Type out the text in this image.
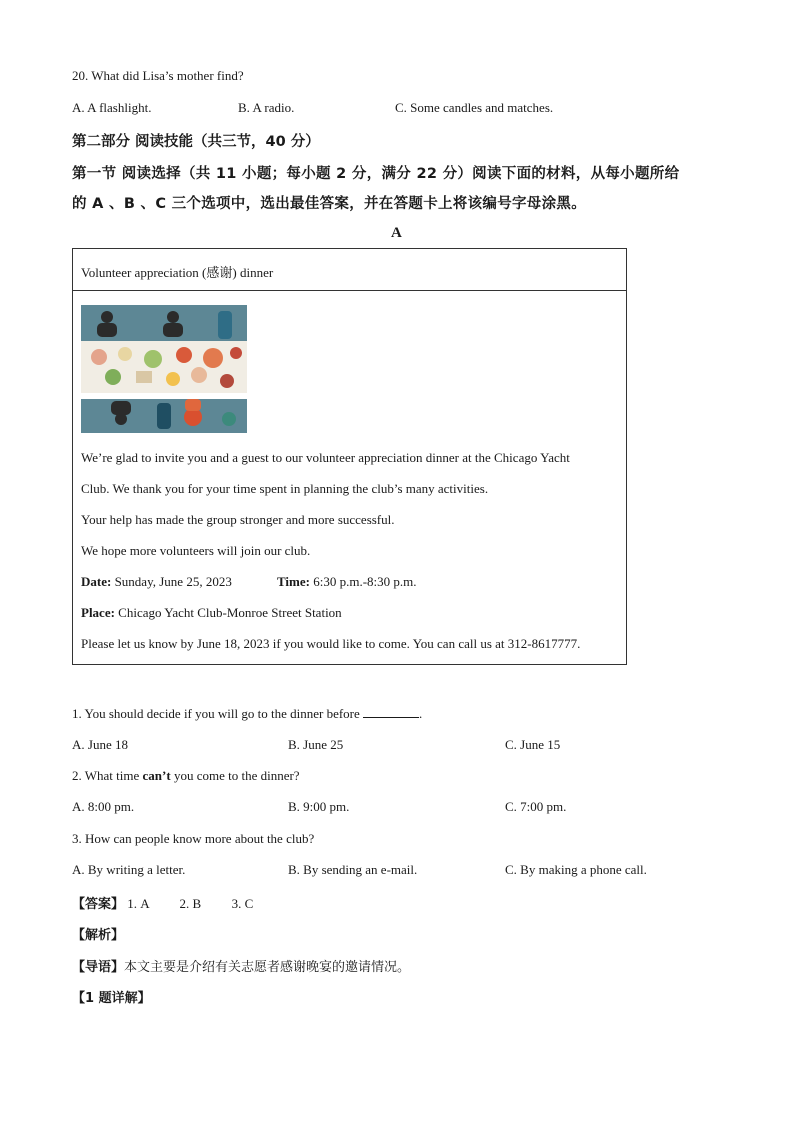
20. What did Lisa’s mother find?
A. A flashlight.	B. A radio.	C. Some candles and matches.
第二部分 阅读技能（共三节，40 分）
第一节 阅读选择（共 11 小题；每小题 2 分，满分 22 分）阅读下面的材料，从每小题所给
的 A 、B 、C 三个选项中，选出最佳答案，并在答题卡上将该编号字母涂黑。
A
Volunteer appreciation (感谢) dinner
We’re glad to invite you and a guest to our volunteer appreciation dinner at the Chicago Yacht
Club. We thank you for your time spent in planning the club’s many activities.
Your help has made the group stronger and more successful.
We hope more volunteers will join our club.
Date: Sunday, June 25, 2023	Time: 6:30 p.m.-8:30 p.m.
Place: Chicago Yacht Club-Monroe Street Station
Please let us know by June 18, 2023 if you would like to come. You can call us at 312-8617777.
1. You should decide if you will go to the dinner before	.
A. June 18	B. June 25	C. June 15
2. What time can’t you come to the dinner?
A. 8:00 pm.	B. 9:00 pm.	C. 7:00 pm.
3. How can people know more about the club?
A. By writing a letter.	B. By sending an e-mail.	C. By making a phone call.
【答案】 1. A 2. B 3. C
【解析】
【导语】本文主要是介绍有关志愿者感谢晚宴的邀请情况。
【1 题详解】
